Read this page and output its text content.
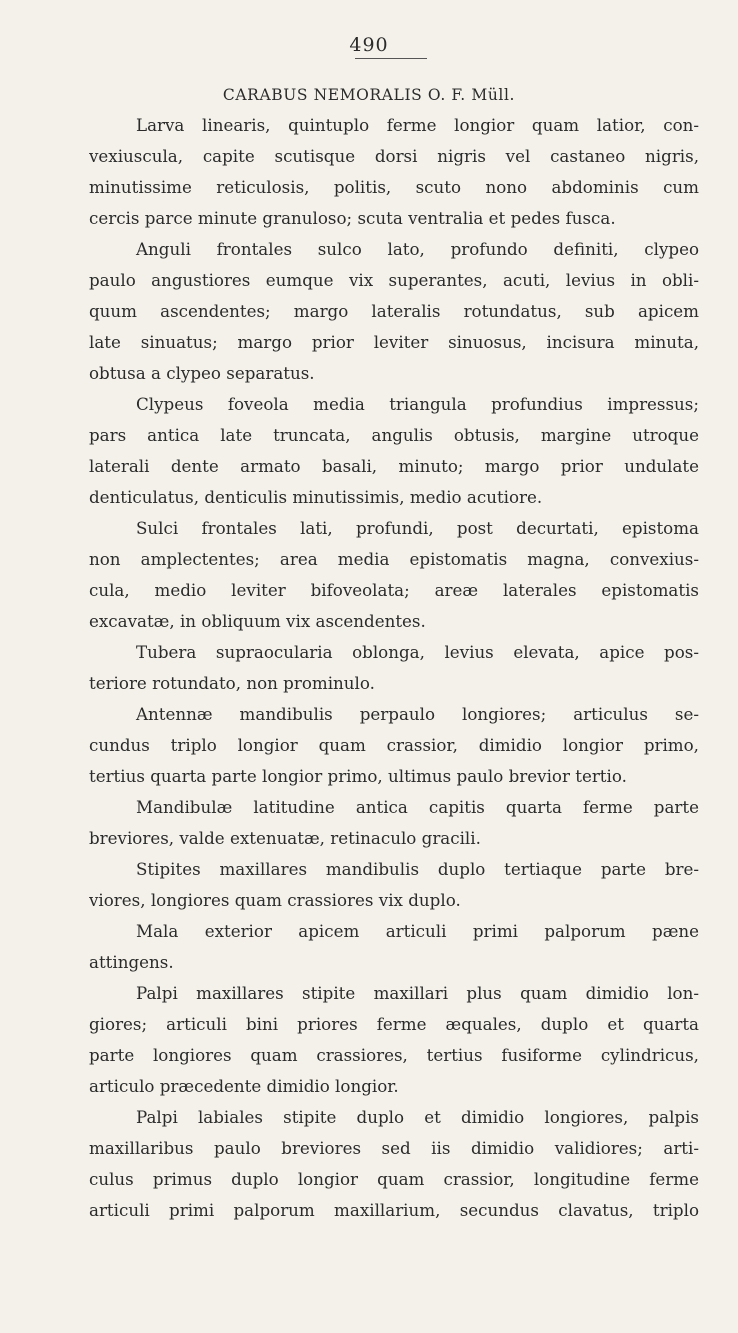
490
CARABUS NEMORALIS O. F. Müll.
Larva linearis, quintuplo ferme longior quam latior, con-
vexiuscula, capite scutisque dorsi nigris vel castaneo nigris,
minutissime reticulosis, politis, scuto nono abdominis cum
cercis parce minute granuloso; scuta ventralia et pedes fusca.
Anguli frontales sulco lato, profundo definiti, clypeo
paulo angustiores eumque vix superantes, acuti, levius in obli-
quum ascendentes; margo lateralis rotundatus, sub apicem
late sinuatus; margo prior leviter sinuosus, incisura minuta,
obtusa a clypeo separatus.
Clypeus foveola media triangula profundius impressus;
pars antica late truncata, angulis obtusis, margine utroque
laterali dente armato basali, minuto; margo prior undulate
denticulatus, denticulis minutissimis, medio acutiore.
Sulci frontales lati, profundi, post decurtati, epistoma
non amplectentes; area media epistomatis magna, convexius-
cula, medio leviter bifoveolata; areæ laterales epistomatis
excavatæ, in obliquum vix ascendentes.
Tubera supraocularia oblonga, levius elevata, apice pos-
teriore rotundato, non prominulo.
Antennæ mandibulis perpaulo longiores; articulus se-
cundus triplo longior quam crassior, dimidio longior primo,
tertius quarta parte longior primo, ultimus paulo brevior tertio.
Mandibulæ latitudine antica capitis quarta ferme parte
breviores, valde extenuatæ, retinaculo gracili.
Stipites maxillares mandibulis duplo tertiaque parte bre-
viores, longiores quam crassiores vix duplo.
Mala exterior apicem articuli primi palporum pæne
attingens.
Palpi maxillares stipite maxillari plus quam dimidio lon-
giores; articuli bini priores ferme æquales, duplo et quarta
parte longiores quam crassiores, tertius fusiforme cylindricus,
articulo præcedente dimidio longior.
Palpi labiales stipite duplo et dimidio longiores, palpis
maxillaribus paulo breviores sed iis dimidio validiores; arti-
culus primus duplo longior quam crassior, longitudine ferme
articuli primi palporum maxillarium, secundus clavatus, triplo
